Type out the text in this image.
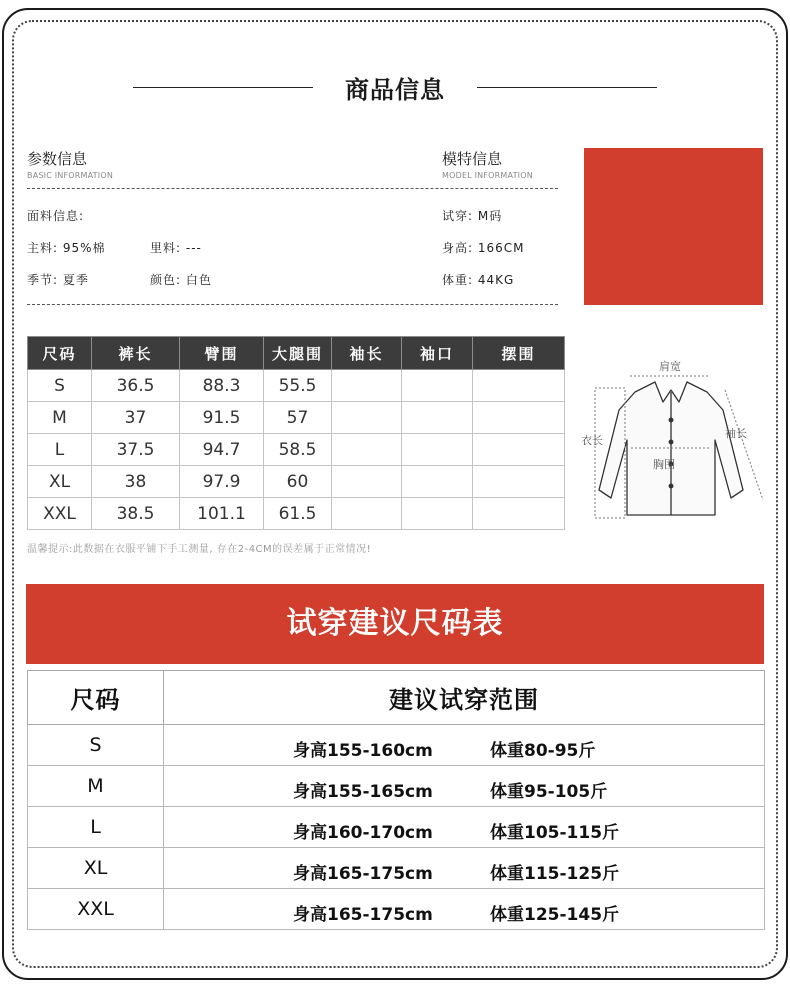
商品信息
参数信息
BASIC INFORMATION
模特信息
MODEL INFORMATION
面料信息:
主料: 95%棉	里料: ---
季节: 夏季	颜色: 白色
试穿: M码
身高: 166CM
体重: 44KG
尺码	裤长	臂围	大腿围	袖长	袖口	摆围
S	36.5	88.3	55.5			
M	37	91.5	57			
L	37.5	94.7	58.5			
XL	38	97.9	60			
XXL	38.5	101.1	61.5			
温馨提示:此数据在衣服平铺下手工测量, 存在2-4CM的误差属于正常情况!
肩宽
衣长
袖长
胸围
试穿建议尺码表
尺码	建议试穿范围
S	身高155-160cm 体重80-95斤

M	身高155-165cm 体重95-105斤

L	身高160-170cm 体重105-115斤

XL	身高165-175cm 体重115-125斤

XXL	身高165-175cm 体重125-145斤
